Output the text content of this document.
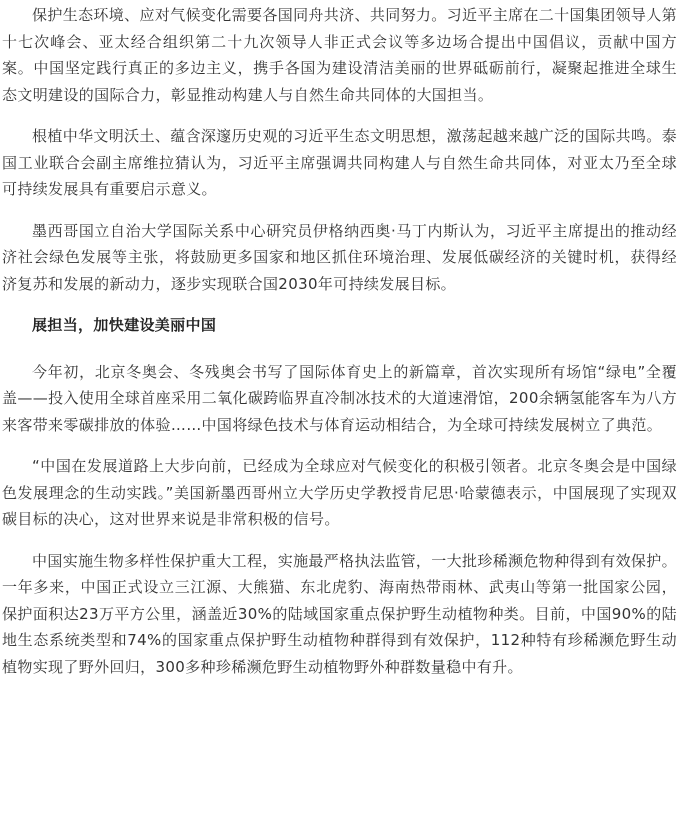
保护生态环境、应对气候变化需要各国同舟共济、共同努力。习近平主席在二十国集团领导人第十七次峰会、亚太经合组织第二十九次领导人非正式会议等多边场合提出中国倡议，贡献中国方案。中国坚定践行真正的多边主义，携手各国为建设清洁美丽的世界砥砺前行，凝聚起推进全球生态文明建设的国际合力，彰显推动构建人与自然生命共同体的大国担当。

根植中华文明沃土、蕴含深邃历史观的习近平生态文明思想，激荡起越来越广泛的国际共鸣。泰国工业联合会副主席维拉猜认为，习近平主席强调共同构建人与自然生命共同体，对亚太乃至全球可持续发展具有重要启示意义。

墨西哥国立自治大学国际关系中心研究员伊格纳西奥·马丁内斯认为，习近平主席提出的推动经济社会绿色发展等主张，将鼓励更多国家和地区抓住环境治理、发展低碳经济的关键时机，获得经济复苏和发展的新动力，逐步实现联合国2030年可持续发展目标。

展担当，加快建设美丽中国

今年初，北京冬奥会、冬残奥会书写了国际体育史上的新篇章，首次实现所有场馆“绿电”全覆盖——投入使用全球首座采用二氧化碳跨临界直冷制冰技术的大道速滑馆，200余辆氢能客车为八方来客带来零碳排放的体验……中国将绿色技术与体育运动相结合，为全球可持续发展树立了典范。

“中国在发展道路上大步向前，已经成为全球应对气候变化的积极引领者。北京冬奥会是中国绿色发展理念的生动实践。”美国新墨西哥州立大学历史学教授肯尼思·哈蒙德表示，中国展现了实现双碳目标的决心，这对世界来说是非常积极的信号。

中国实施生物多样性保护重大工程，实施最严格执法监管，一大批珍稀濒危物种得到有效保护。一年多来，中国正式设立三江源、大熊猫、东北虎豹、海南热带雨林、武夷山等第一批国家公园，保护面积达23万平方公里，涵盖近30%的陆域国家重点保护野生动植物种类。目前，中国90%的陆地生态系统类型和74%的国家重点保护野生动植物种群得到有效保护，112种特有珍稀濒危野生动植物实现了野外回归，300多种珍稀濒危野生动植物野外种群数量稳中有升。
